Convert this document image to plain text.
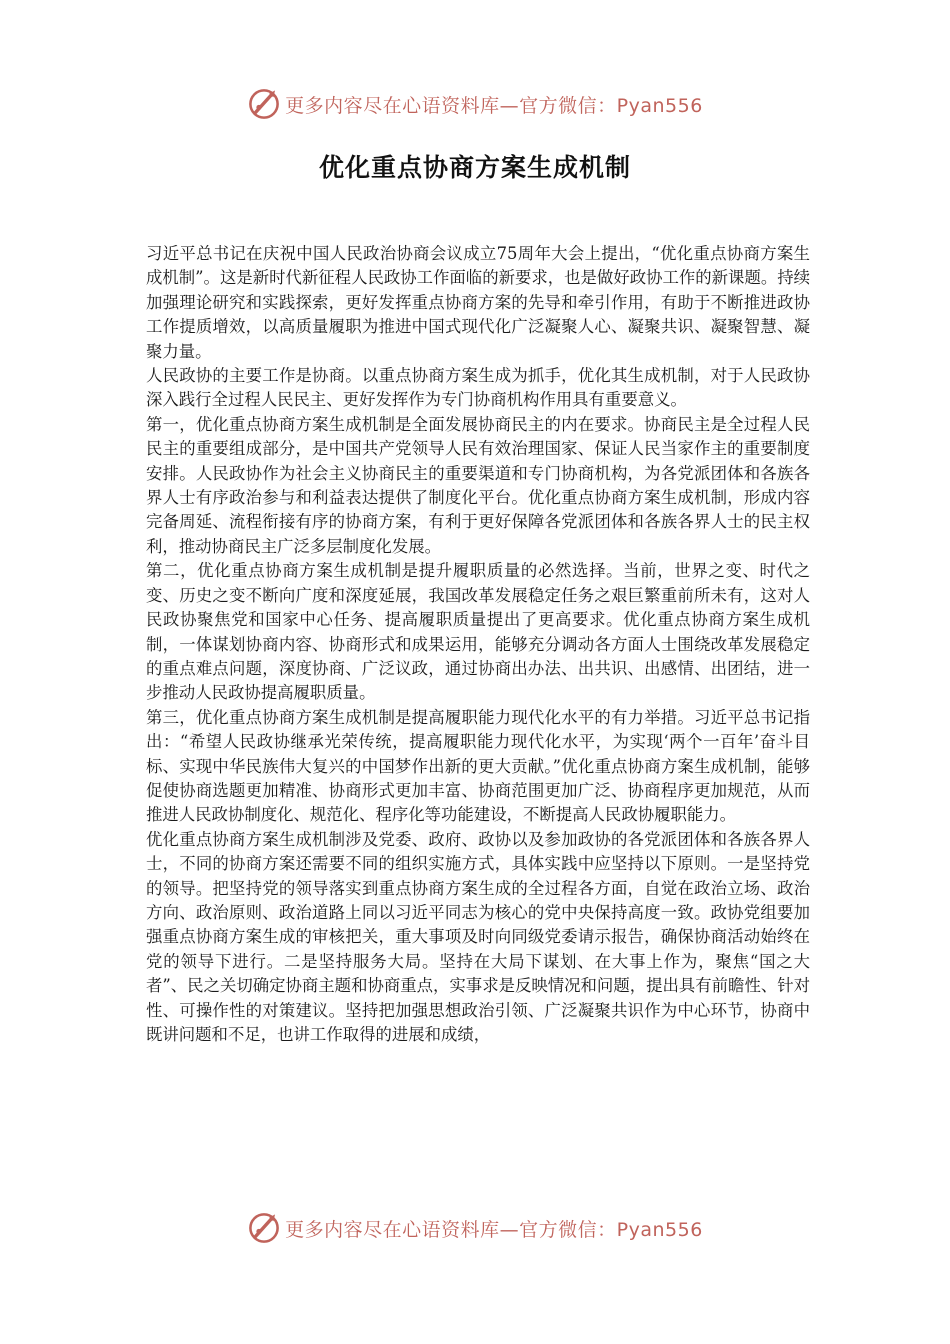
更多内容尽在心语资料库—官方微信：Pyan556
优化重点协商方案生成机制

习近平总书记在庆祝中国人民政治协商会议成立75周年大会上提出，“优化重点协商方案生成机制”。这是新时代新征程人民政协工作面临的新要求，也是做好政协工作的新课题。持续加强理论研究和实践探索，更好发挥重点协商方案的先导和牵引作用，有助于不断推进政协工作提质增效，以高质量履职为推进中国式现代化广泛凝聚人心、凝聚共识、凝聚智慧、凝聚力量。

人民政协的主要工作是协商。以重点协商方案生成为抓手，优化其生成机制，对于人民政协深入践行全过程人民民主、更好发挥作为专门协商机构作用具有重要意义。

第一，优化重点协商方案生成机制是全面发展协商民主的内在要求。协商民主是全过程人民民主的重要组成部分，是中国共产党领导人民有效治理国家、保证人民当家作主的重要制度安排。人民政协作为社会主义协商民主的重要渠道和专门协商机构，为各党派团体和各族各界人士有序政治参与和利益表达提供了制度化平台。优化重点协商方案生成机制，形成内容完备周延、流程衔接有序的协商方案，有利于更好保障各党派团体和各族各界人士的民主权利，推动协商民主广泛多层制度化发展。

第二，优化重点协商方案生成机制是提升履职质量的必然选择。当前，世界之变、时代之变、历史之变不断向广度和深度延展，我国改革发展稳定任务之艰巨繁重前所未有，这对人民政协聚焦党和国家中心任务、提高履职质量提出了更高要求。优化重点协商方案生成机制，一体谋划协商内容、协商形式和成果运用，能够充分调动各方面人士围绕改革发展稳定的重点难点问题，深度协商、广泛议政，通过协商出办法、出共识、出感情、出团结，进一步推动人民政协提高履职质量。

第三，优化重点协商方案生成机制是提高履职能力现代化水平的有力举措。习近平总书记指出：“希望人民政协继承光荣传统，提高履职能力现代化水平，为实现‘两个一百年’奋斗目标、实现中华民族伟大复兴的中国梦作出新的更大贡献。”优化重点协商方案生成机制，能够促使协商选题更加精准、协商形式更加丰富、协商范围更加广泛、协商程序更加规范，从而推进人民政协制度化、规范化、程序化等功能建设，不断提高人民政协履职能力。

优化重点协商方案生成机制涉及党委、政府、政协以及参加政协的各党派团体和各族各界人士，不同的协商方案还需要不同的组织实施方式，具体实践中应坚持以下原则。一是坚持党的领导。把坚持党的领导落实到重点协商方案生成的全过程各方面，自觉在政治立场、政治方向、政治原则、政治道路上同以习近平同志为核心的党中央保持高度一致。政协党组要加强重点协商方案生成的审核把关，重大事项及时向同级党委请示报告，确保协商活动始终在党的领导下进行。二是坚持服务大局。坚持在大局下谋划、在大事上作为，聚焦“国之大者”、民之关切确定协商主题和协商重点，实事求是反映情况和问题，提出具有前瞻性、针对性、可操作性的对策建议。坚持把加强思想政治引领、广泛凝聚共识作为中心环节，协商中既讲问题和不足，也讲工作取得的进展和成绩，

更多内容尽在心语资料库—官方微信：Pyan556
